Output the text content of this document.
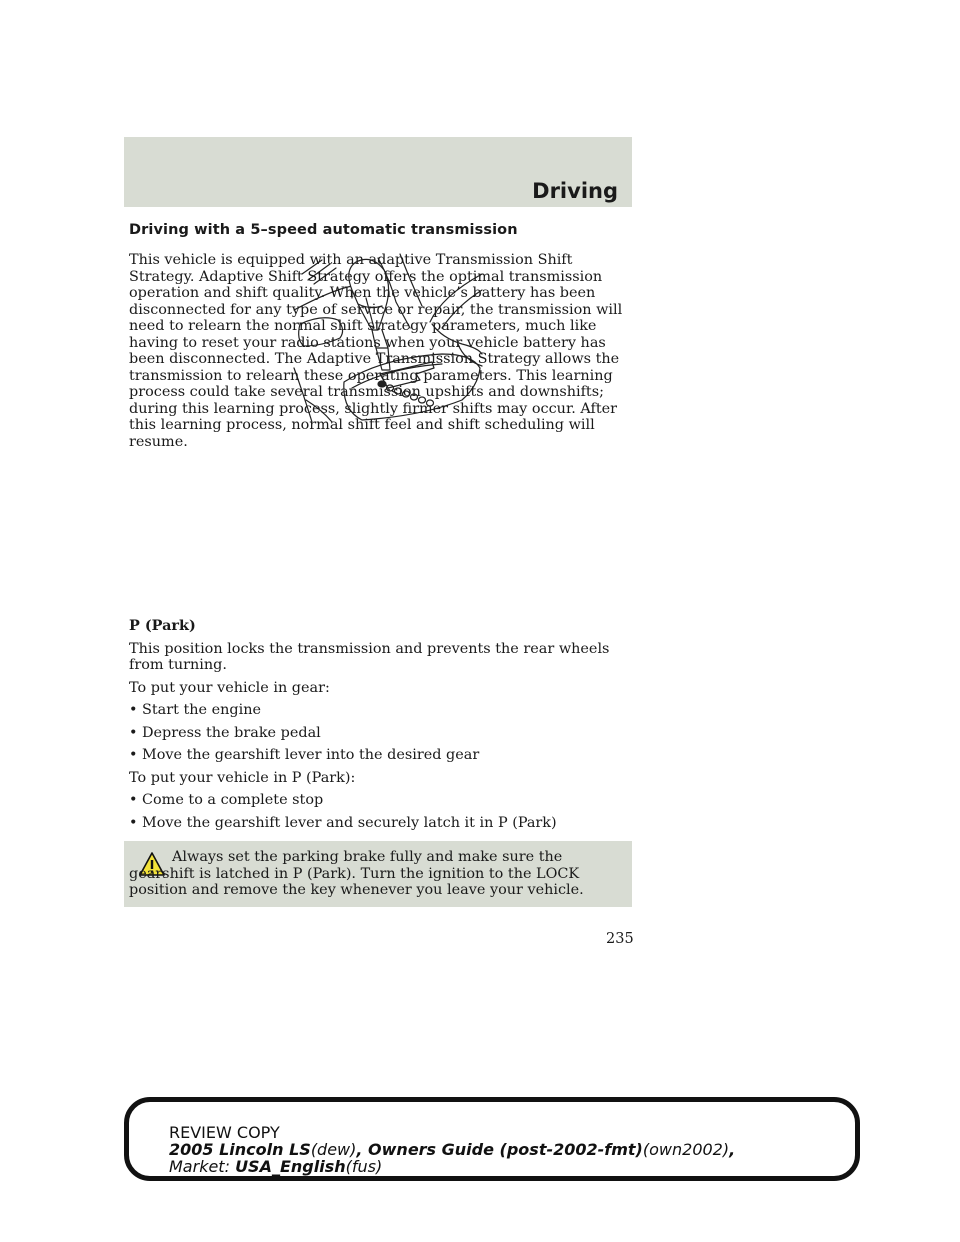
Driving
Driving with a 5–speed automatic transmission

This vehicle is equipped with an adaptive Transmission Shift Strategy. Adaptive Shift Strategy offers the optimal transmission operation and shift quality. When the vehicle’s battery has been disconnected for any type of service or repair, the transmission will need to relearn the normal shift strategy parameters, much like having to reset your radio stations when your vehicle battery has been disconnected. The Adaptive Transmission Strategy allows the transmission to relearn these operating parameters. This learning process could take several transmission upshifts and downshifts; during this learning process, slightly firmer shifts may occur. After this learning process, normal shift feel and shift scheduling will resume.

P (Park)

This position locks the transmission and prevents the rear wheels from turning.

To put your vehicle in gear:

• Start the engine
• Depress the brake pedal
• Move the gearshift lever into the desired gear

To put your vehicle in P (Park):

• Come to a complete stop
• Move the gearshift lever and securely latch it in P (Park)
Always set the parking brake fully and make sure the gearshift is latched in P (Park). Turn the ignition to the LOCK position and remove the key whenever you leave your vehicle.
235
REVIEW COPY
2005 Lincoln LS(dew), Owners Guide (post-2002-fmt)(own2002),
Market: USA_English(fus)
